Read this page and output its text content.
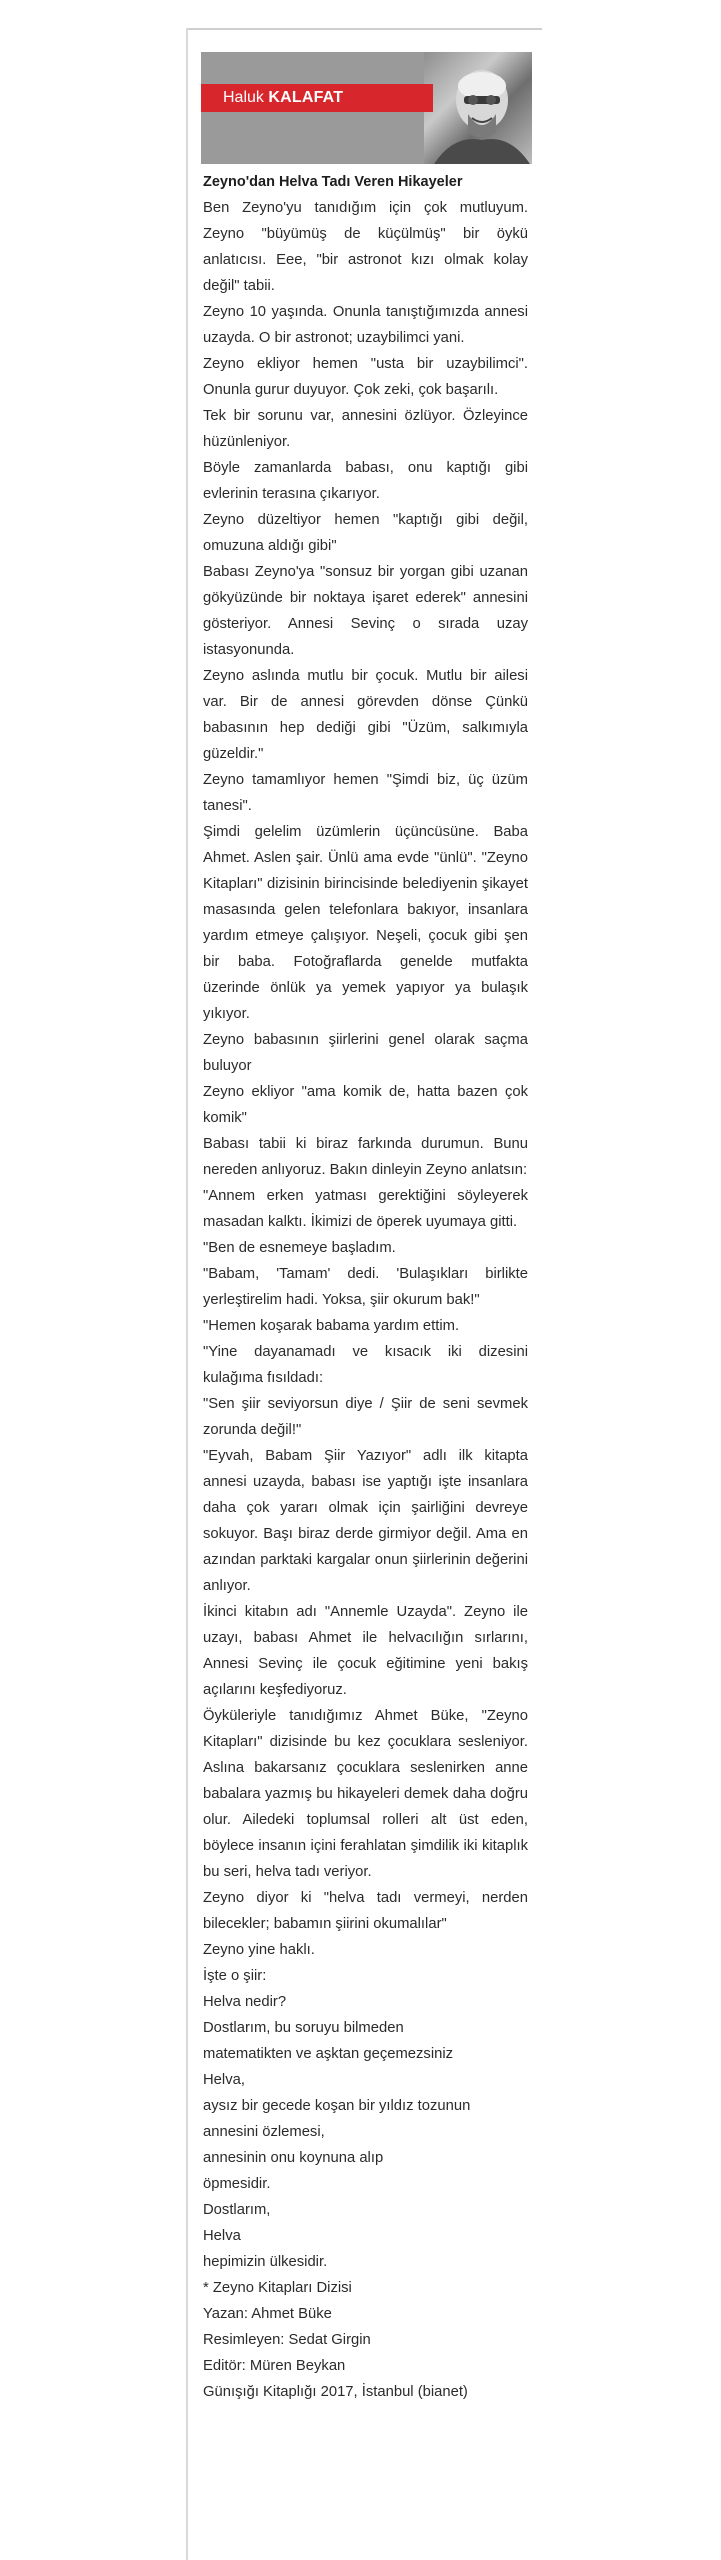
Haluk KALAFAT
Zeyno'dan Helva Tadı Veren Hikayeler

Ben Zeyno'yu tanıdığım için çok mutluyum. Zeyno "büyümüş de küçülmüş" bir öykü anlatıcısı. Eee, "bir astronot kızı olmak kolay değil" tabii.

Zeyno 10 yaşında. Onunla tanıştığımızda annesi uzayda. O bir astronot; uzaybilimci yani.

Zeyno ekliyor hemen "usta bir uzaybilimci". Onunla gurur duyuyor. Çok zeki, çok başarılı.

Tek bir sorunu var, annesini özlüyor. Özleyince hüzünleniyor.

Böyle zamanlarda babası, onu kaptığı gibi evlerinin terasına çıkarıyor.

Zeyno düzeltiyor hemen "kaptığı gibi değil, omuzuna aldığı gibi"

Babası Zeyno'ya "sonsuz bir yorgan gibi uzanan gökyüzünde bir noktaya işaret ederek" annesini gösteriyor. Annesi Sevinç o sırada uzay istasyonunda.

Zeyno aslında mutlu bir çocuk. Mutlu bir ailesi var. Bir de annesi görevden dönse Çünkü babasının hep dediği gibi "Üzüm, salkımıyla güzeldir."

Zeyno tamamlıyor hemen "Şimdi biz, üç üzüm tanesi".

Şimdi gelelim üzümlerin üçüncüsüne. Baba Ahmet. Aslen şair. Ünlü ama evde "ünlü". "Zeyno Kitapları" dizisinin birincisinde belediyenin şikayet masasında gelen telefonlara bakıyor, insanlara yardım etmeye çalışıyor. Neşeli, çocuk gibi şen bir baba. Fotoğraflarda genelde mutfakta üzerinde önlük ya yemek yapıyor ya bulaşık yıkıyor.

Zeyno babasının şiirlerini genel olarak saçma buluyor

Zeyno ekliyor "ama komik de, hatta bazen çok komik"

Babası tabii ki biraz farkında durumun. Bunu nereden anlıyoruz. Bakın dinleyin Zeyno anlatsın:

"Annem erken yatması gerektiğini söyleyerek masadan kalktı. İkimizi de öperek uyumaya gitti.

"Ben de esnemeye başladım.

"Babam, 'Tamam' dedi. 'Bulaşıkları birlikte yerleştirelim hadi. Yoksa, şiir okurum bak!"

"Hemen koşarak babama yardım ettim.

"Yine dayanamadı ve kısacık iki dizesini kulağıma fısıldadı:

"Sen şiir seviyorsun diye / Şiir de seni sevmek zorunda değil!"

"Eyvah, Babam Şiir Yazıyor" adlı ilk kitapta annesi uzayda, babası ise yaptığı işte insanlara daha çok yararı olmak için şairliğini devreye sokuyor. Başı biraz derde girmiyor değil. Ama en azından parktaki kargalar onun şiirlerinin değerini anlıyor.

İkinci kitabın adı "Annemle Uzayda". Zeyno ile uzayı, babası Ahmet ile helvacılığın sırlarını, Annesi Sevinç ile çocuk eğitimine yeni bakış açılarını keşfediyoruz.

Öyküleriyle tanıdığımız Ahmet Büke, "Zeyno Kitapları" dizisinde bu kez çocuklara sesleniyor. Aslına bakarsanız çocuklara seslenirken anne babalara yazmış bu hikayeleri demek daha doğru olur. Ailedeki toplumsal rolleri alt üst eden, böylece insanın içini ferahlatan şimdilik iki kitaplık bu seri, helva tadı veriyor.

Zeyno diyor ki "helva tadı vermeyi, nerden bilecekler; babamın şiirini okumalılar"

Zeyno yine haklı.

İşte o şiir:

Helva nedir?

Dostlarım, bu soruyu bilmeden

matematikten ve aşktan geçemezsiniz

Helva,

aysız bir gecede koşan bir yıldız tozunun

annesini özlemesi,

annesinin onu koynuna alıp

öpmesidir.

Dostlarım,

Helva

hepimizin ülkesidir.

* Zeyno Kitapları Dizisi

Yazan: Ahmet Büke

Resimleyen: Sedat Girgin

Editör: Müren Beykan

Günışığı Kitaplığı 2017, İstanbul (bianet)
